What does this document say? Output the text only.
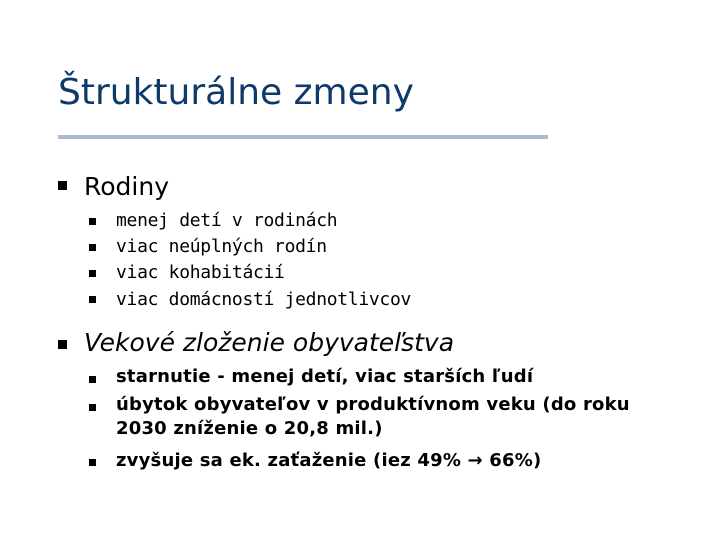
Štrukturálne zmeny
Rodiny
menej detí v rodinách
viac neúplných rodín
viac kohabitácií
viac domácností jednotlivcov
Vekové zloženie obyvateľstva
starnutie - menej detí, viac starších ľudí
úbytok obyvateľov v produktívnom veku (do roku
2030 zníženie o 20,8 mil.)
zvyšuje sa ek. zaťaženie (iez 49% → 66%)
